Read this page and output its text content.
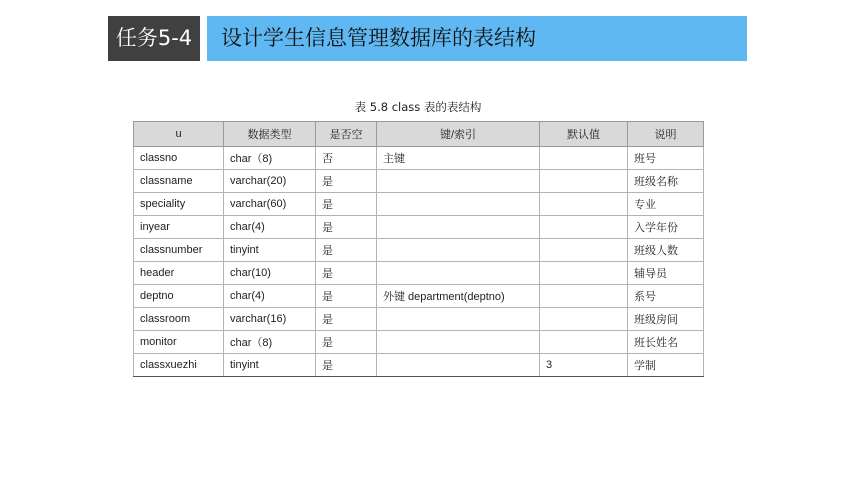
任务5-4	设计学生信息管理数据库的表结构
表 5.8 class 表的表结构
u	数据类型	是否空	键/索引	默认值	说明
classno	char（8)	否	主键		班号
classname	varchar(20)	是			班级名称
speciality	varchar(60)	是			专业
inyear	char(4)	是			入学年份
classnumber	tinyint	是			班级人数
header	char(10)	是			辅导员
deptno	char(4)	是	外键 department(deptno)		系号
classroom	varchar(16)	是			班级房间
monitor	char（8)	是			班长姓名
classxuezhi	tinyint	是		3	学制
